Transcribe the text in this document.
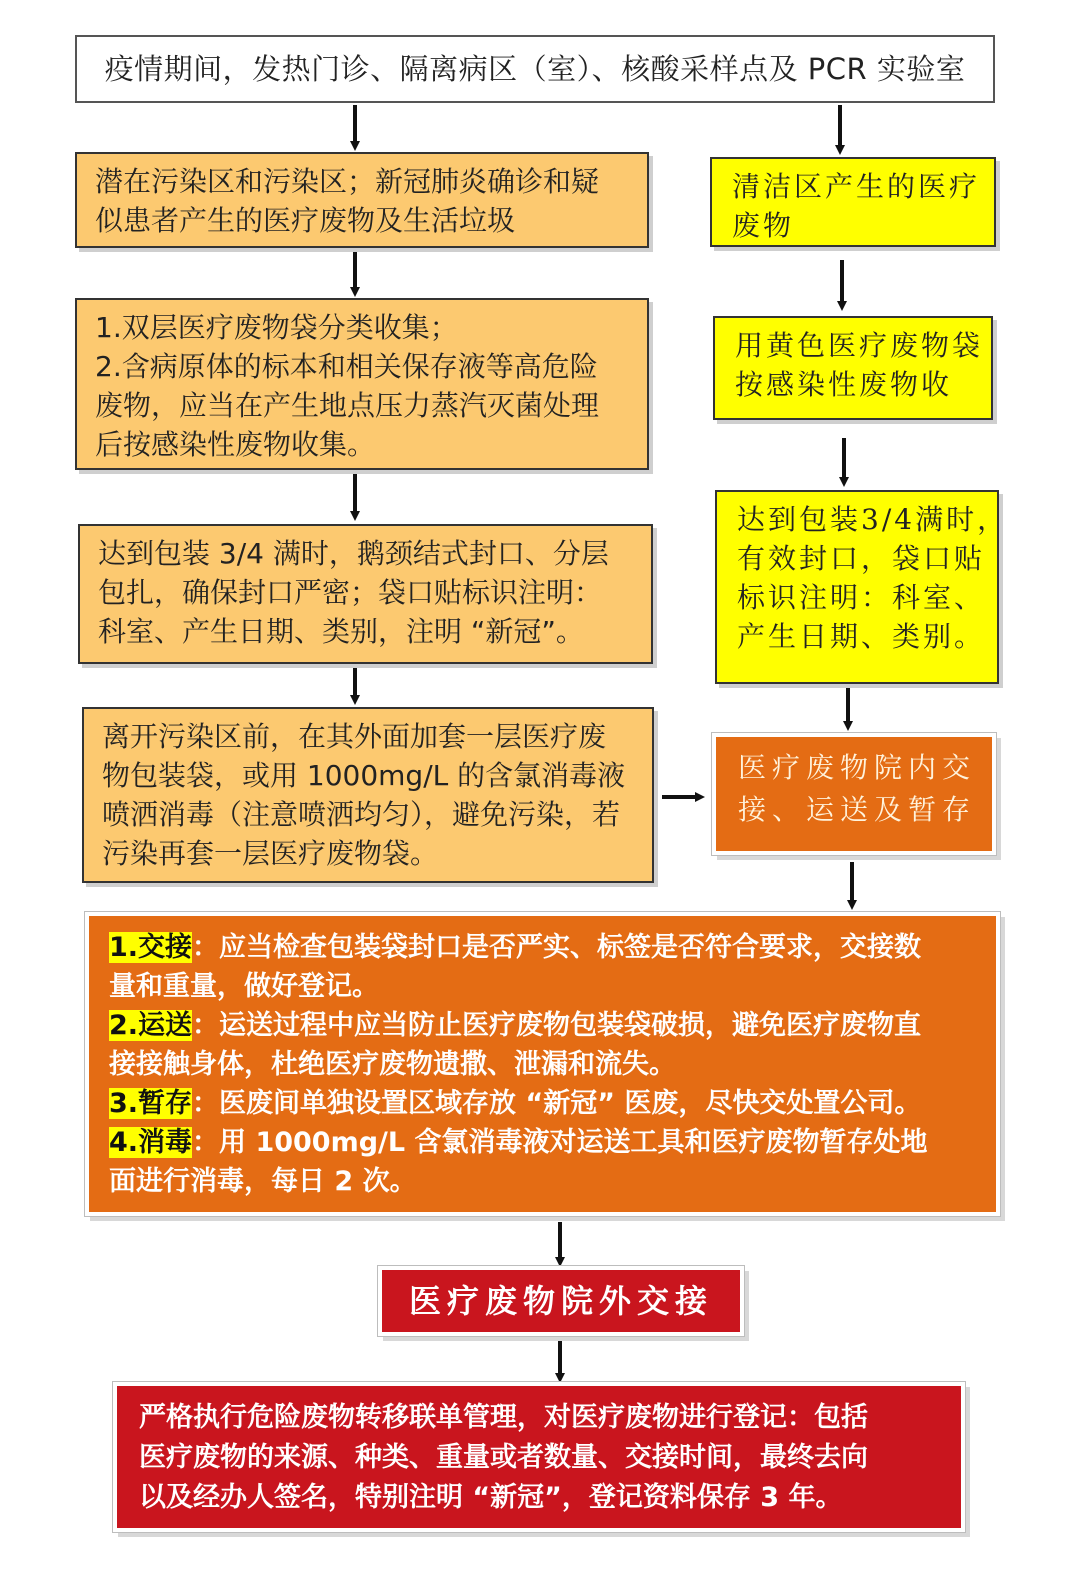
疫情期间，发热门诊、隔离病区（室）、核酸采样点及 PCR 实验室
潜在污染区和污染区；新冠肺炎确诊和疑
似患者产生的医疗废物及生活垃圾
1.双层医疗废物袋分类收集；
2.含病原体的标本和相关保存液等高危险
废物，应当在产生地点压力蒸汽灭菌处理
后按感染性废物收集。
达到包装 3/4 满时，鹅颈结式封口、分层
包扎，确保封口严密；袋口贴标识注明：
科室、产生日期、类别，注明 “新冠”。
离开污染区前，在其外面加套一层医疗废
物包装袋，或用 1000mg/L 的含氯消毒液
喷洒消毒（注意喷洒均匀），避免污染，若
污染再套一层医疗废物袋。
清洁区产生的医疗
废物
用黄色医疗废物袋
按感染性废物收
达到包装3/4满时，
有效封口，袋口贴
标识注明：科室、
产生日期、类别。
医疗废物院内交
接、运送及暂存
1.交接：应当检查包装袋封口是否严实、标签是否符合要求，交接数
量和重量，做好登记。
2.运送：运送过程中应当防止医疗废物包装袋破损，避免医疗废物直
接接触身体，杜绝医疗废物遗撒、泄漏和流失。
3.暂存：医废间单独设置区域存放 “新冠” 医废，尽快交处置公司。
4.消毒：用 1000mg/L 含氯消毒液对运送工具和医疗废物暂存处地
面进行消毒，每日 2 次。
医疗废物院外交接
严格执行危险废物转移联单管理，对医疗废物进行登记：包括
医疗废物的来源、种类、重量或者数量、交接时间，最终去向
以及经办人签名，特别注明 “新冠”，登记资料保存 3 年。
